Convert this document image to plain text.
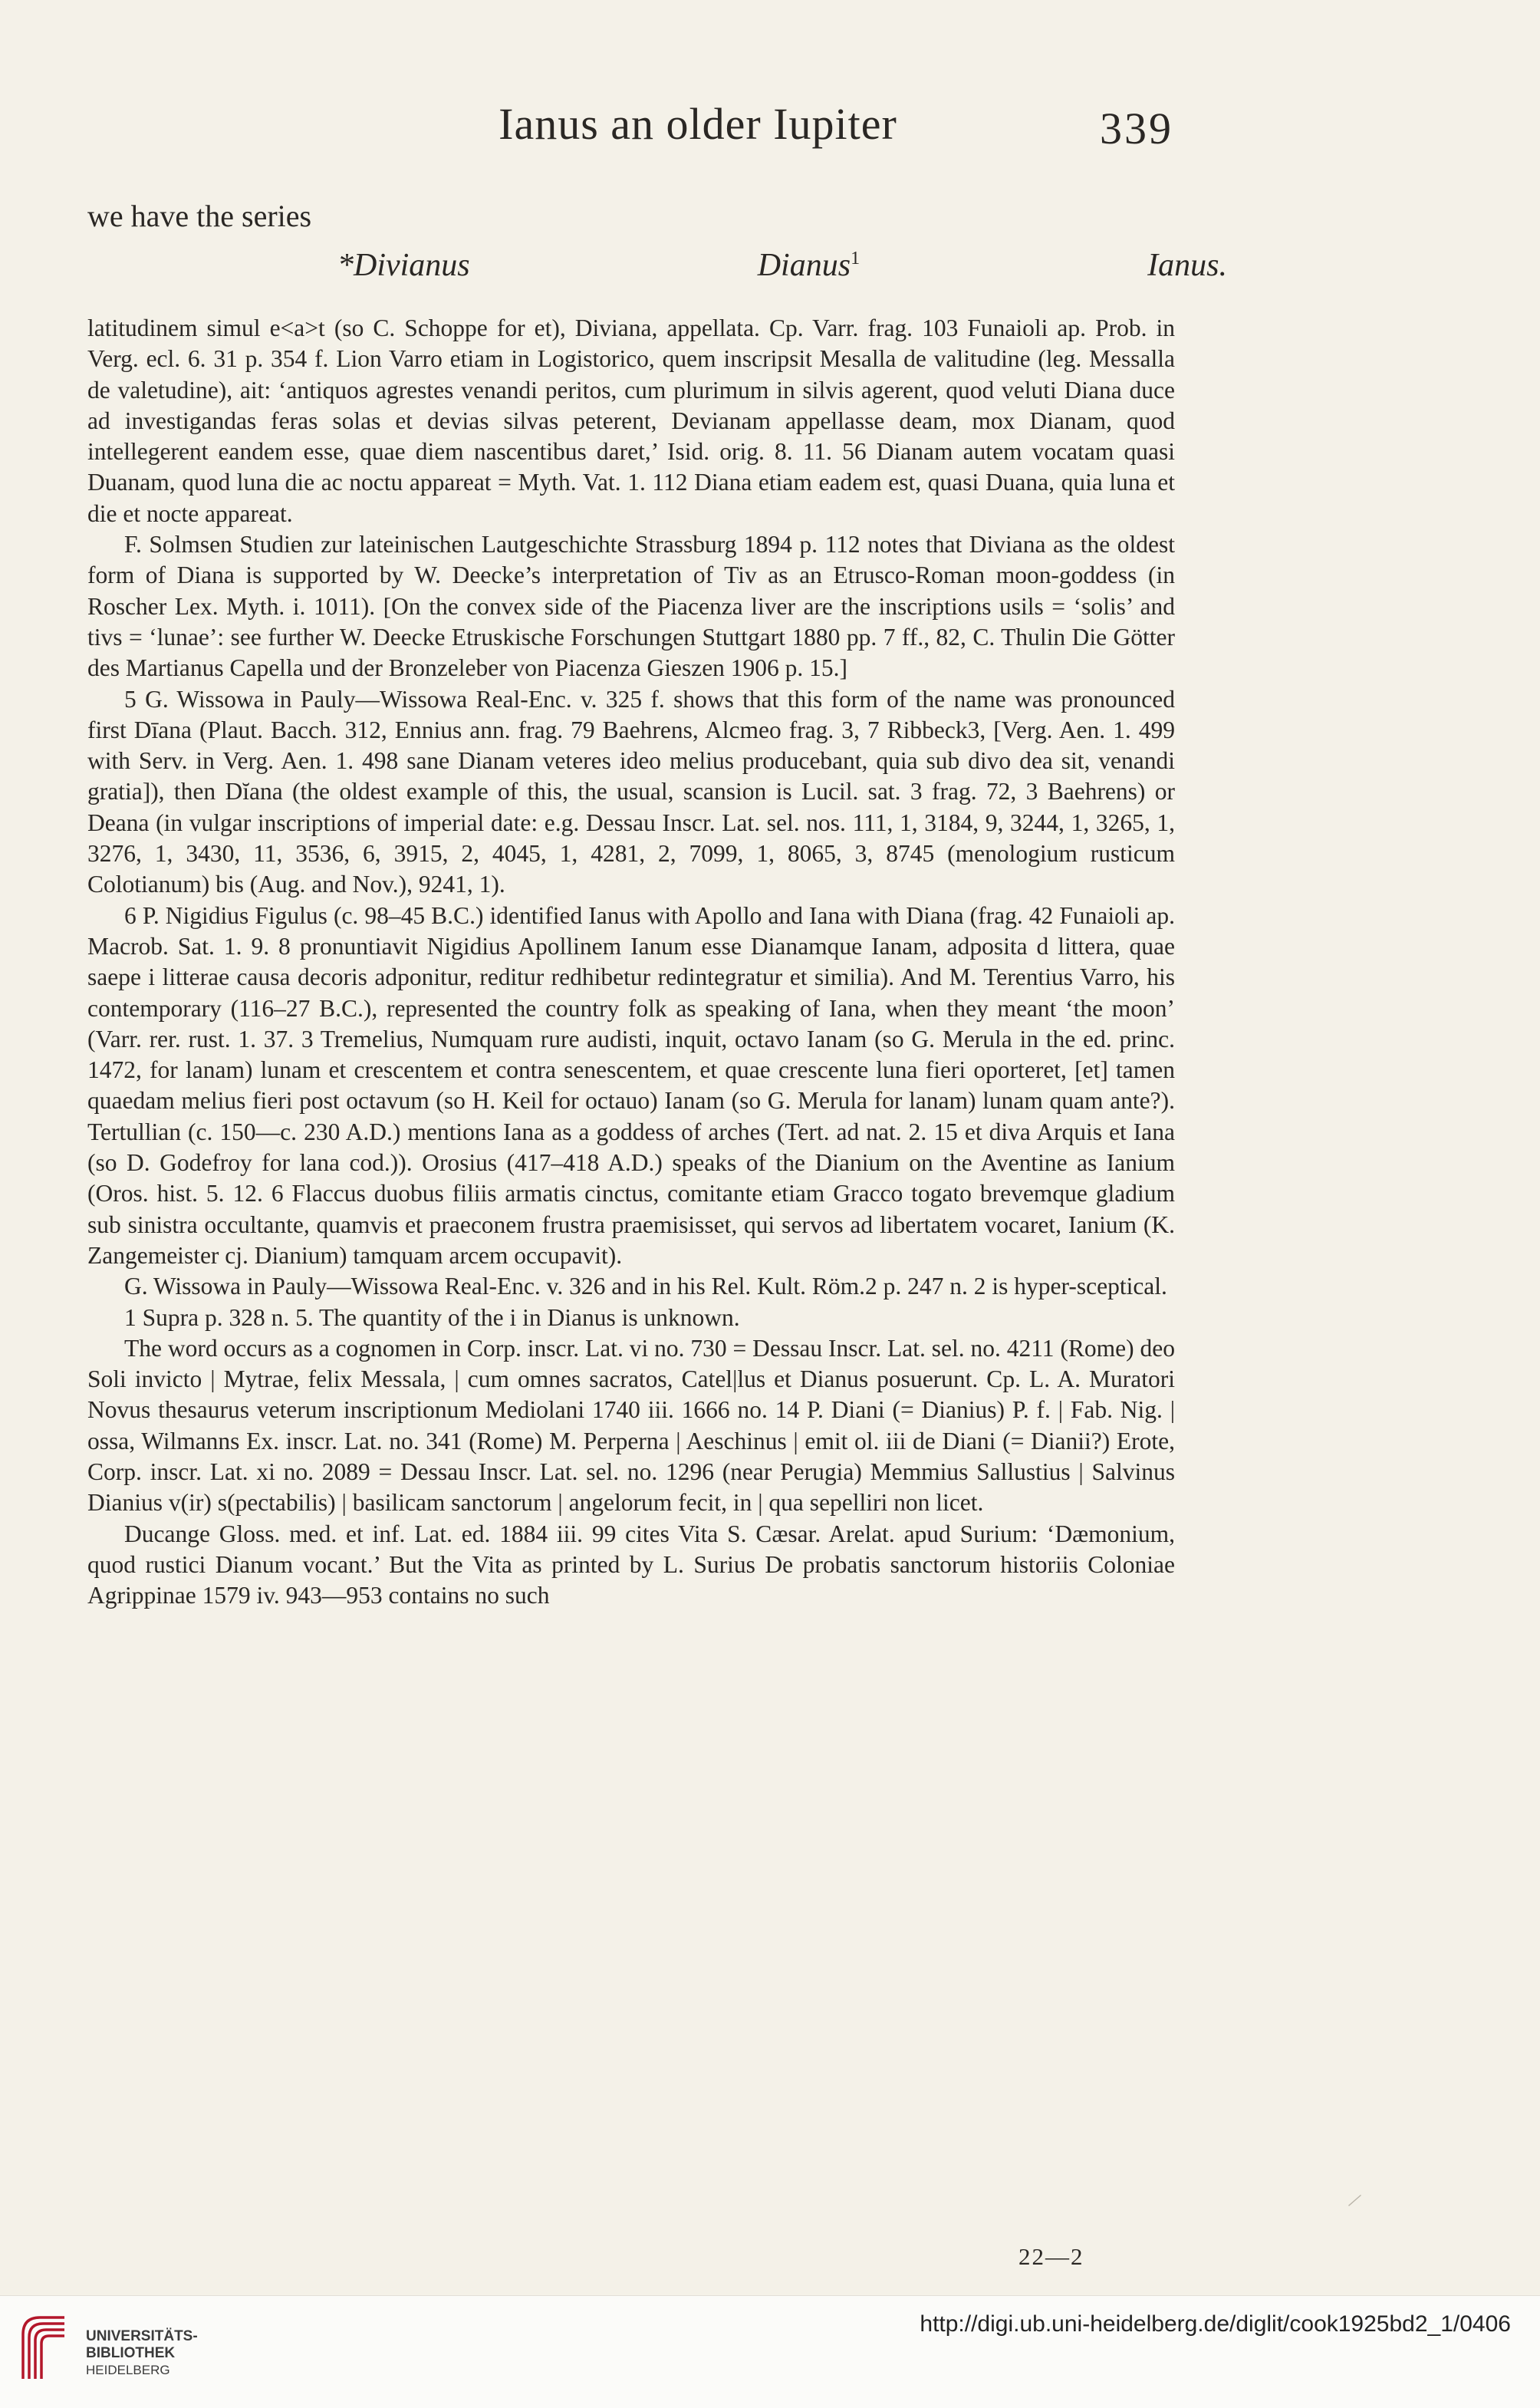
Ianus an older Iupiter	339
we have the series
*Divianus	Dianus$^1$	Ianus.

latitudinem simul e<a>t (so C. Schoppe for et), Diviana, appellata. Cp. Varr. frag. 103 Funaioli ap. Prob. in Verg. ecl. 6. 31 p. 354 f. Lion Varro etiam in Logistorico, quem inscripsit Mesalla de valitudine (leg. Messalla de valetudine), ait: ‘antiquos agrestes venandi peritos, cum plurimum in silvis agerent, quod veluti Diana duce ad investigandas feras solas et devias silvas peterent, Devianam appellasse deam, mox Dianam, quod intellegerent eandem esse, quae diem nascentibus daret,’ Isid. orig. 8. 11. 56 Dianam autem vocatam quasi Duanam, quod luna die ac noctu appareat = Myth. Vat. 1. 112 Diana etiam eadem est, quasi Duana, quia luna et die et nocte appareat.

F. Solmsen Studien zur lateinischen Lautgeschichte Strassburg 1894 p. 112 notes that Diviana as the oldest form of Diana is supported by W. Deecke’s interpretation of Tiv as an Etrusco-Roman moon-goddess (in Roscher Lex. Myth. i. 1011). [On the convex side of the Piacenza liver are the inscriptions usils = ‘solis’ and tivs = ‘lunae’: see further W. Deecke Etruskische Forschungen Stuttgart 1880 pp. 7 ff., 82, C. Thulin Die Götter des Martianus Capella und der Bronzeleber von Piacenza Gieszen 1906 p. 15.]

5 G. Wissowa in Pauly—Wissowa Real-Enc. v. 325 f. shows that this form of the name was pronounced first Dīana (Plaut. Bacch. 312, Ennius ann. frag. 79 Baehrens, Alcmeo frag. 3, 7 Ribbeck3, [Verg. Aen. 1. 499 with Serv. in Verg. Aen. 1. 498 sane Dianam veteres ideo melius producebant, quia sub divo dea sit, venandi gratia]), then Dĭana (the oldest example of this, the usual, scansion is Lucil. sat. 3 frag. 72, 3 Baehrens) or Deana (in vulgar inscriptions of imperial date: e.g. Dessau Inscr. Lat. sel. nos. 111, 1, 3184, 9, 3244, 1, 3265, 1, 3276, 1, 3430, 11, 3536, 6, 3915, 2, 4045, 1, 4281, 2, 7099, 1, 8065, 3, 8745 (menologium rusticum Colotianum) bis (Aug. and Nov.), 9241, 1).

6 P. Nigidius Figulus (c. 98–45 B.C.) identified Ianus with Apollo and Iana with Diana (frag. 42 Funaioli ap. Macrob. Sat. 1. 9. 8 pronuntiavit Nigidius Apollinem Ianum esse Dianamque Ianam, adposita d littera, quae saepe i litterae causa decoris adponitur, reditur redhibetur redintegratur et similia). And M. Terentius Varro, his contemporary (116–27 B.C.), represented the country folk as speaking of Iana, when they meant ‘the moon’ (Varr. rer. rust. 1. 37. 3 Tremelius, Numquam rure audisti, inquit, octavo Ianam (so G. Merula in the ed. princ. 1472, for lanam) lunam et crescentem et contra senescentem, et quae crescente luna fieri oporteret, [et] tamen quaedam melius fieri post octavum (so H. Keil for octauo) Ianam (so G. Merula for lanam) lunam quam ante?). Tertullian (c. 150—c. 230 A.D.) mentions Iana as a goddess of arches (Tert. ad nat. 2. 15 et diva Arquis et Iana (so D. Godefroy for lana cod.)). Orosius (417–418 A.D.) speaks of the Dianium on the Aventine as Ianium (Oros. hist. 5. 12. 6 Flaccus duobus filiis armatis cinctus, comitante etiam Gracco togato brevemque gladium sub sinistra occultante, quamvis et praeconem frustra praemisisset, qui servos ad libertatem vocaret, Ianium (K. Zangemeister cj. Dianium) tamquam arcem occupavit).

G. Wissowa in Pauly—Wissowa Real-Enc. v. 326 and in his Rel. Kult. Röm.2 p. 247 n. 2 is hyper-sceptical.

1 Supra p. 328 n. 5. The quantity of the i in Dianus is unknown.

The word occurs as a cognomen in Corp. inscr. Lat. vi no. 730 = Dessau Inscr. Lat. sel. no. 4211 (Rome) deo Soli invicto | Mytrae, felix Messala, | cum omnes sacratos, Catel|lus et Dianus posuerunt. Cp. L. A. Muratori Novus thesaurus veterum inscriptionum Mediolani 1740 iii. 1666 no. 14 P. Diani (= Dianius) P. f. | Fab. Nig. | ossa, Wilmanns Ex. inscr. Lat. no. 341 (Rome) M. Perperna | Aeschinus | emit ol. iii de Diani (= Dianii?) Erote, Corp. inscr. Lat. xi no. 2089 = Dessau Inscr. Lat. sel. no. 1296 (near Perugia) Memmius Sallustius | Salvinus Dianius v(ir) s(pectabilis) | basilicam sanctorum | angelorum fecit, in | qua sepelliri non licet.

Ducange Gloss. med. et inf. Lat. ed. 1884 iii. 99 cites Vita S. Cæsar. Arelat. apud Surium: ‘Dæmonium, quod rustici Dianum vocant.’ But the Vita as printed by L. Surius De probatis sanctorum historiis Coloniae Agrippinae 1579 iv. 943—953 contains no such

22—2
/
UNIVERSITÄTS-
BIBLIOTHEK
HEIDELBERG
http://digi.ub.uni-heidelberg.de/diglit/cook1925bd2_1/0406
